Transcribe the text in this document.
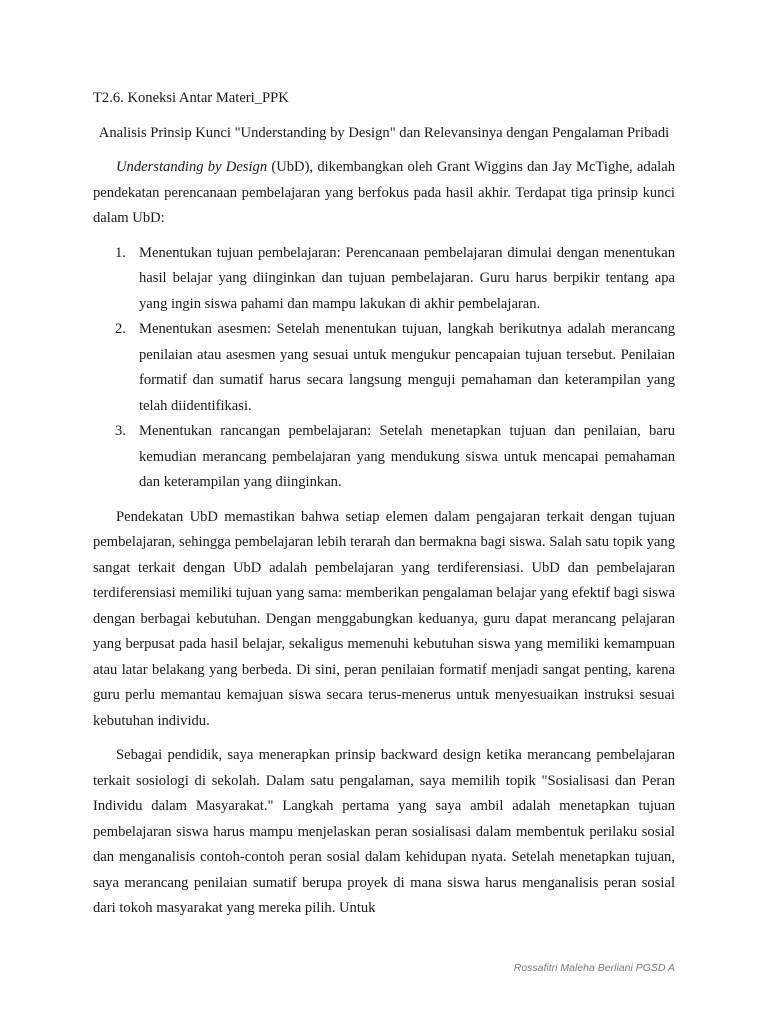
T2.6. Koneksi Antar Materi_PPK

Analisis Prinsip Kunci "Understanding by Design" dan Relevansinya dengan Pengalaman Pribadi

Understanding by Design (UbD), dikembangkan oleh Grant Wiggins dan Jay McTighe, adalah pendekatan perencanaan pembelajaran yang berfokus pada hasil akhir. Terdapat tiga prinsip kunci dalam UbD:

1. Menentukan tujuan pembelajaran: Perencanaan pembelajaran dimulai dengan menentukan hasil belajar yang diinginkan dan tujuan pembelajaran. Guru harus berpikir tentang apa yang ingin siswa pahami dan mampu lakukan di akhir pembelajaran.
2. Menentukan asesmen: Setelah menentukan tujuan, langkah berikutnya adalah merancang penilaian atau asesmen yang sesuai untuk mengukur pencapaian tujuan tersebut. Penilaian formatif dan sumatif harus secara langsung menguji pemahaman dan keterampilan yang telah diidentifikasi.
3. Menentukan rancangan pembelajaran: Setelah menetapkan tujuan dan penilaian, baru kemudian merancang pembelajaran yang mendukung siswa untuk mencapai pemahaman dan keterampilan yang diinginkan.

Pendekatan UbD memastikan bahwa setiap elemen dalam pengajaran terkait dengan tujuan pembelajaran, sehingga pembelajaran lebih terarah dan bermakna bagi siswa. Salah satu topik yang sangat terkait dengan UbD adalah pembelajaran yang terdiferensiasi. UbD dan pembelajaran terdiferensiasi memiliki tujuan yang sama: memberikan pengalaman belajar yang efektif bagi siswa dengan berbagai kebutuhan. Dengan menggabungkan keduanya, guru dapat merancang pelajaran yang berpusat pada hasil belajar, sekaligus memenuhi kebutuhan siswa yang memiliki kemampuan atau latar belakang yang berbeda. Di sini, peran penilaian formatif menjadi sangat penting, karena guru perlu memantau kemajuan siswa secara terus-menerus untuk menyesuaikan instruksi sesuai kebutuhan individu.

Sebagai pendidik, saya menerapkan prinsip backward design ketika merancang pembelajaran terkait sosiologi di sekolah. Dalam satu pengalaman, saya memilih topik "Sosialisasi dan Peran Individu dalam Masyarakat." Langkah pertama yang saya ambil adalah menetapkan tujuan pembelajaran siswa harus mampu menjelaskan peran sosialisasi dalam membentuk perilaku sosial dan menganalisis contoh-contoh peran sosial dalam kehidupan nyata. Setelah menetapkan tujuan, saya merancang penilaian sumatif berupa proyek di mana siswa harus menganalisis peran sosial dari tokoh masyarakat yang mereka pilih. Untuk

Rossafitri Maleha Berliani PGSD A
